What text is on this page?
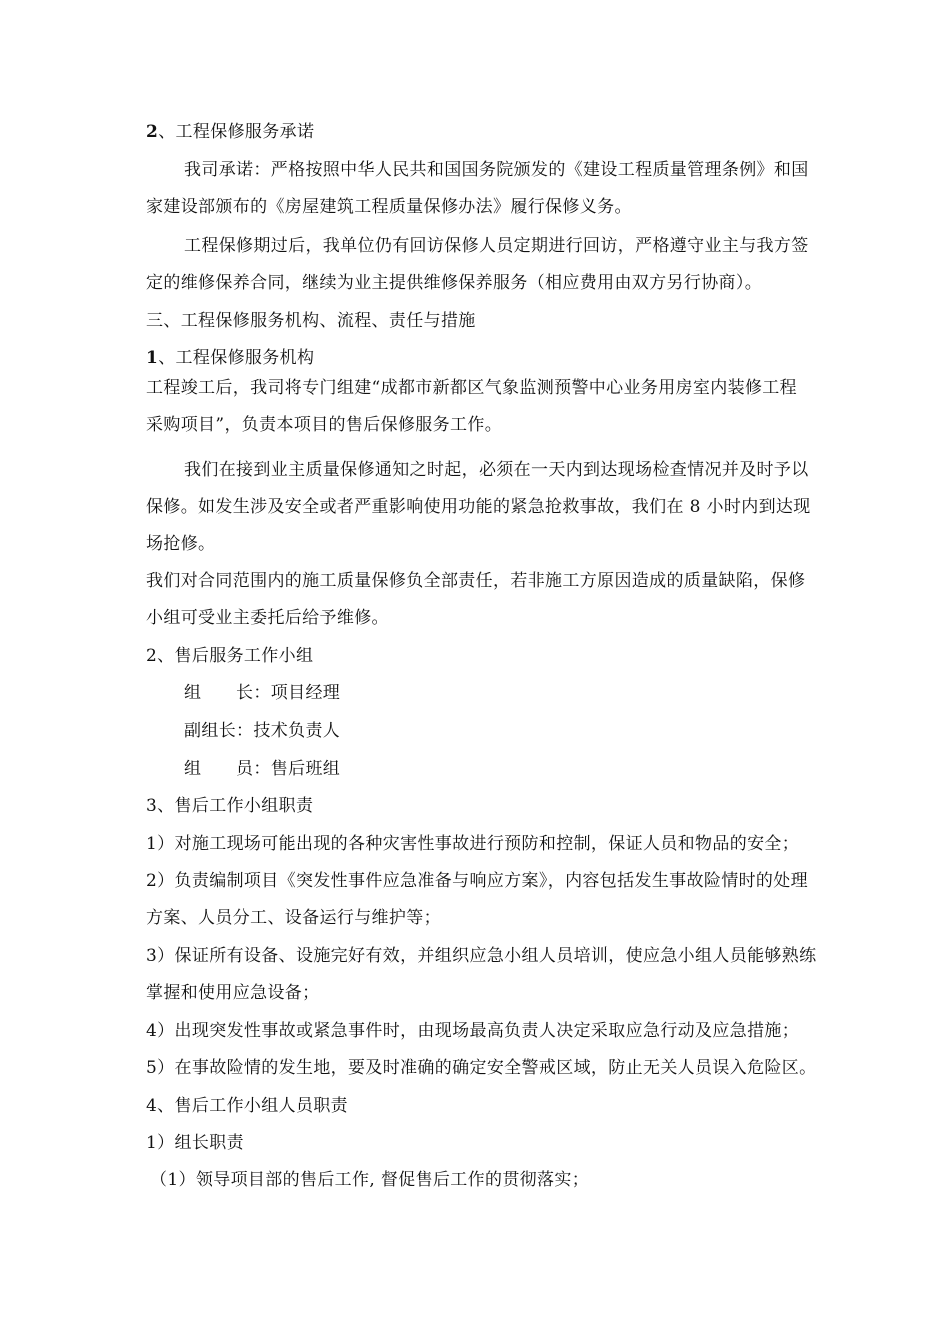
2、工程保修服务承诺
我司承诺：严格按照中华人民共和国国务院颁发的《建设工程质量管理条例》和国
家建设部颁布的《房屋建筑工程质量保修办法》履行保修义务。
工程保修期过后，我单位仍有回访保修人员定期进行回访，严格遵守业主与我方签
定的维修保养合同，继续为业主提供维修保养服务（相应费用由双方另行协商）。
三、工程保修服务机构、流程、责任与措施
1、工程保修服务机构
工程竣工后，我司将专门组建“成都市新都区气象监测预警中心业务用房室内装修工程
采购项目”，负责本项目的售后保修服务工作。
我们在接到业主质量保修通知之时起，必须在一天内到达现场检查情况并及时予以
保修。如发生涉及安全或者严重影响使用功能的紧急抢救事故，我们在 8 小时内到达现
场抢修。
我们对合同范围内的施工质量保修负全部责任，若非施工方原因造成的质量缺陷，保修
小组可受业主委托后给予维修。
2、售后服务工作小组
组　　长：项目经理
副组长：技术负责人
组　　员：售后班组
3、售后工作小组职责
1）对施工现场可能出现的各种灾害性事故进行预防和控制，保证人员和物品的安全；
2）负责编制项目《突发性事件应急准备与响应方案》，内容包括发生事故险情时的处理
方案、人员分工、设备运行与维护等；
3）保证所有设备、设施完好有效，并组织应急小组人员培训，使应急小组人员能够熟练
掌握和使用应急设备；
4）出现突发性事故或紧急事件时，由现场最高负责人决定采取应急行动及应急措施；
5）在事故险情的发生地，要及时准确的确定安全警戒区域，防止无关人员误入危险区。
4、售后工作小组人员职责
1）组长职责
（1）领导项目部的售后工作, 督促售后工作的贯彻落实；
